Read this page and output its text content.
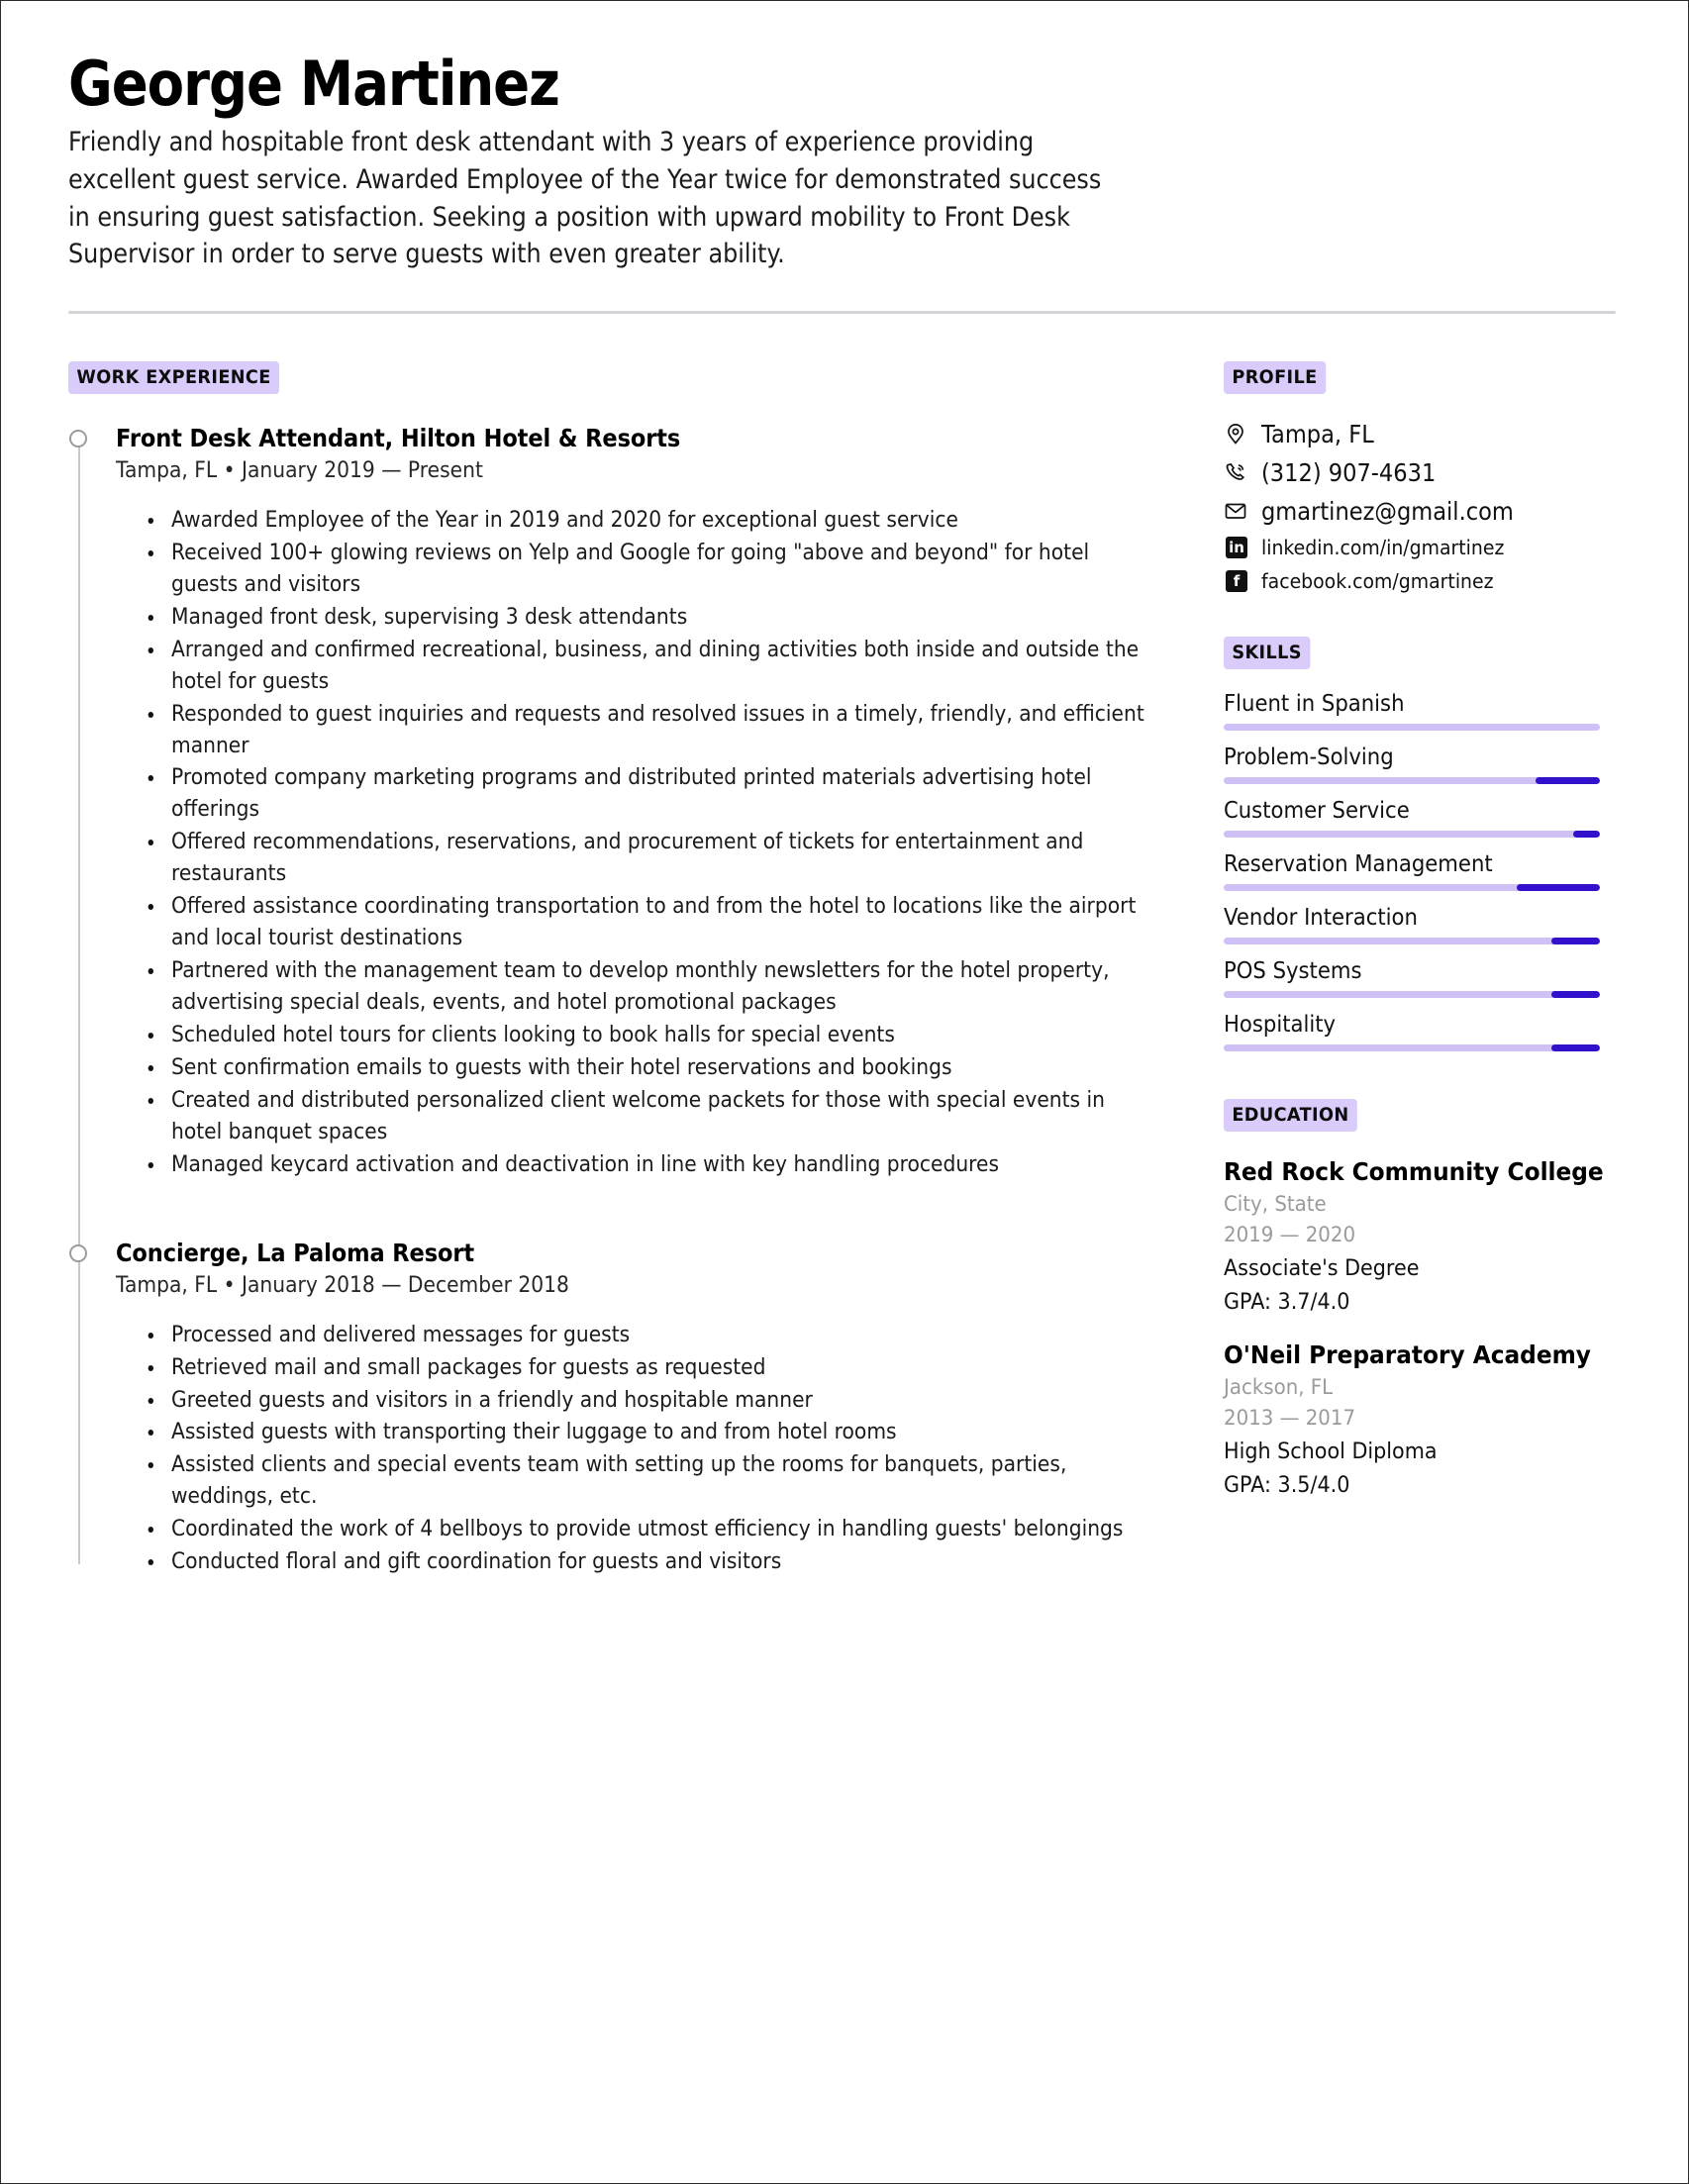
George Martinez
Friendly and hospitable front desk attendant with 3 years of experience providing excellent guest service. Awarded Employee of the Year twice for demonstrated success in ensuring guest satisfaction. Seeking a position with upward mobility to Front Desk Supervisor in order to serve guests with even greater ability.
WORK EXPERIENCE
Front Desk Attendant, Hilton Hotel & Resorts
Tampa, FL • January 2019 — Present
Awarded Employee of the Year in 2019 and 2020 for exceptional guest service
Received 100+ glowing reviews on Yelp and Google for going "above and beyond" for hotel guests and visitors
Managed front desk, supervising 3 desk attendants
Arranged and confirmed recreational, business, and dining activities both inside and outside the hotel for guests
Responded to guest inquiries and requests and resolved issues in a timely, friendly, and efficient manner
Promoted company marketing programs and distributed printed materials advertising hotel offerings
Offered recommendations, reservations, and procurement of tickets for entertainment and restaurants
Offered assistance coordinating transportation to and from the hotel to locations like the airport and local tourist destinations
Partnered with the management team to develop monthly newsletters for the hotel property, advertising special deals, events, and hotel promotional packages
Scheduled hotel tours for clients looking to book halls for special events
Sent confirmation emails to guests with their hotel reservations and bookings
Created and distributed personalized client welcome packets for those with special events in hotel banquet spaces
Managed keycard activation and deactivation in line with key handling procedures
Concierge, La Paloma Resort
Tampa, FL • January 2018 — December 2018
Processed and delivered messages for guests
Retrieved mail and small packages for guests as requested
Greeted guests and visitors in a friendly and hospitable manner
Assisted guests with transporting their luggage to and from hotel rooms
Assisted clients and special events team with setting up the rooms for banquets, parties, weddings, etc.
Coordinated the work of 4 bellboys to provide utmost efficiency in handling guests' belongings
Conducted floral and gift coordination for guests and visitors
PROFILE
Tampa, FL
(312) 907-4631
gmartinez@gmail.com
in linkedin.com/in/gmartinez
f	facebook.com/gmartinez
SKILLS
Fluent in Spanish
Problem-Solving
Customer Service
Reservation Management
Vendor Interaction
POS Systems
Hospitality
EDUCATION
Red Rock Community College
City, State
2019 — 2020
Associate's Degree
GPA: 3.7/4.0
O'Neil Preparatory Academy
Jackson, FL
2013 — 2017
High School Diploma
GPA: 3.5/4.0
